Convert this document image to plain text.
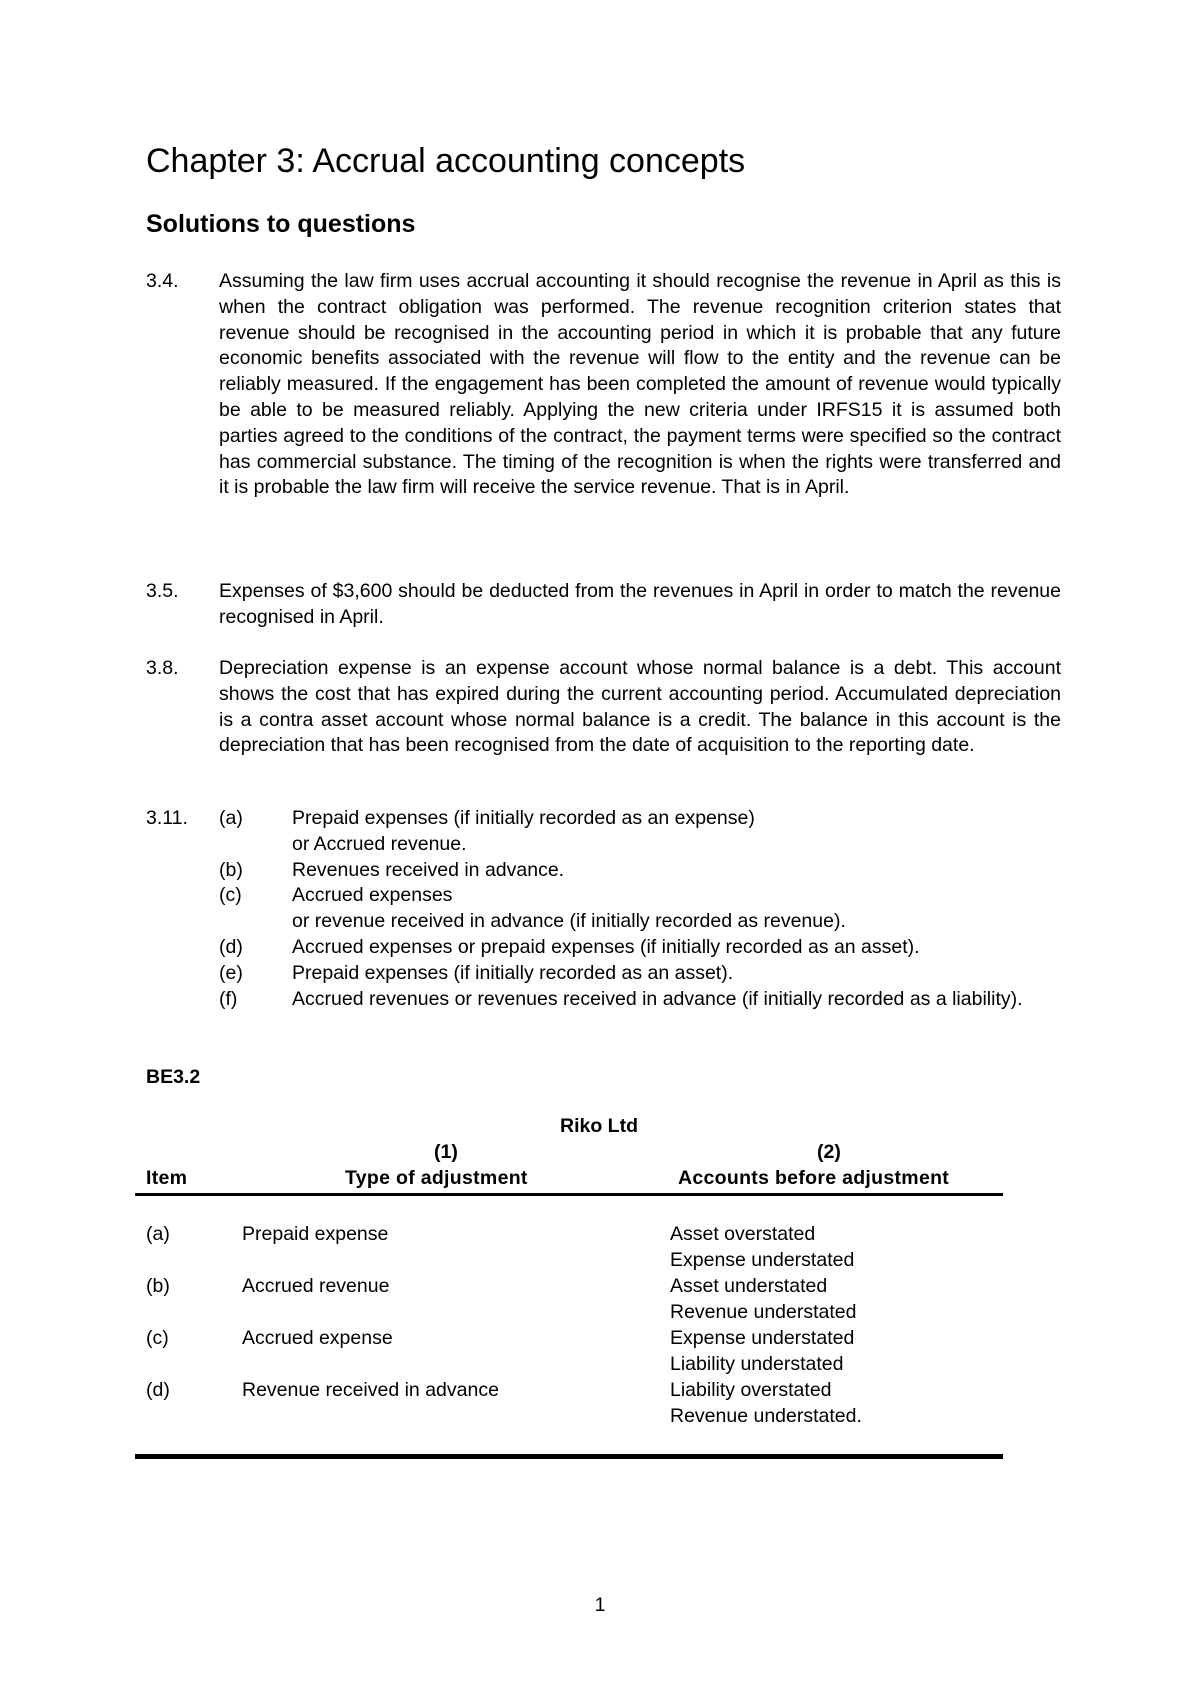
Chapter 3: Accrual accounting concepts
Solutions to questions
3.4. Assuming the law firm uses accrual accounting it should recognise the revenue in April as this is when the contract obligation was performed. The revenue recognition criterion states that revenue should be recognised in the accounting period in which it is probable that any future economic benefits associated with the revenue will flow to the entity and the revenue can be reliably measured. If the engagement has been completed the amount of revenue would typically be able to be measured reliably. Applying the new criteria under IRFS15 it is assumed both parties agreed to the conditions of the contract, the payment terms were specified so the contract has commercial substance. The timing of the recognition is when the rights were transferred and it is probable the law firm will receive the service revenue. That is in April.
3.5. Expenses of $3,600 should be deducted from the revenues in April in order to match the revenue recognised in April.
3.8. Depreciation expense is an expense account whose normal balance is a debt. This account shows the cost that has expired during the current accounting period. Accumulated depreciation is a contra asset account whose normal balance is a credit. The balance in this account is the depreciation that has been recognised from the date of acquisition to the reporting date.
3.11. (a)	Prepaid expenses (if initially recorded as an expense)
or Accrued revenue.
(b)	Revenues received in advance.
(c)	Accrued expenses
or revenue received in advance (if initially recorded as revenue).
(d)	Accrued expenses or prepaid expenses (if initially recorded as an asset).
(e)	Prepaid expenses (if initially recorded as an asset).
(f)	Accrued revenues or revenues received in advance (if initially recorded as a liability).
BE3.2
Riko Ltd
(1)	(2)
Item	Type of adjustment	Accounts before adjustment
(a)	Prepaid expense	Asset overstated
Expense understated
(b)	Accrued revenue	Asset understated
Revenue understated
(c)	Accrued expense	Expense understated
Liability understated
(d)	Revenue received in advance	Liability overstated
Revenue understated.
1
